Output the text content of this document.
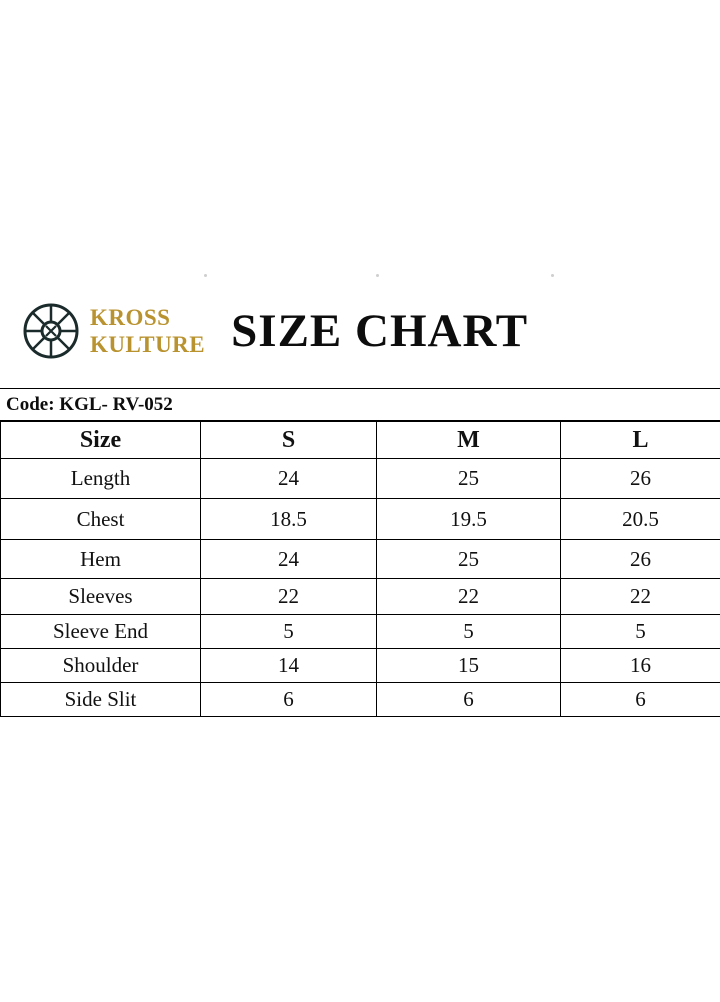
KROSS
KULTURE SIZE CHART
Code: KGL- RV-052
Size	S	M	L
Length	24	25	26
Chest	18.5	19.5	20.5
Hem	24	25	26
Sleeves	22	22	22
Sleeve End	5	5	5
Shoulder	14	15	16
Side Slit	6	6	6
